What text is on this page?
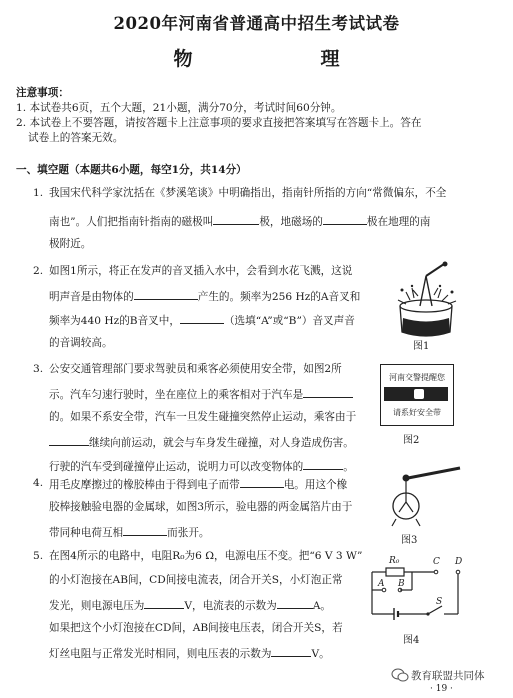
2020年河南省普通高中招生考试试卷
物　　理
注意事项：
1. 本试卷共6页，五个大题，21小题，满分70分，考试时间60分钟。
2. 本试卷上不要答题，请按答题卡上注意事项的要求直接把答案填写在答题卡上。答在
试卷上的答案无效。
一、填空题（本题共6小题，每空1分，共14分）
1. 我国宋代科学家沈括在《梦溪笔谈》中明确指出，指南针所指的方向“常微偏东，不全
南也”。人们把指南针指南的磁极叫	极，地磁场的	极在地理的南
极附近。
2. 如图1所示，将正在发声的音叉插入水中，会看到水花飞溅，这说
明声音是由物体的	产生的。频率为256 Hz的A音叉和
频率为440 Hz的B音叉中，	（选填“A”或“B”）音叉声音
的音调较高。	图1
3. 公安交通管理部门要求驾驶员和乘客必须使用安全带，如图2所
示。汽车匀速行驶时，坐在座位上的乘客相对于汽车是
的。如果不系安全带，汽车一旦发生碰撞突然停止运动，乘客由于
继续向前运动，就会与车身发生碰撞，对人身造成伤害。
行驶的汽车受到碰撞停止运动，说明力可以改变物体的	。
河南交警提醒您
请系好安全带
图2
4. 用毛皮摩擦过的橡胶棒由于得到电子而带	电。用这个橡
胶棒接触验电器的金属球，如图3所示，验电器的两金属箔片由于
带同种电荷互相	而张开。
图3
5. 在图4所示的电路中，电阻R₀为6 Ω，电源电压不变。把“6 V 3 W”
的小灯泡接在AB间，CD间接电流表，闭合开关S，小灯泡正常
发光，则电源电压为	V，电流表的示数为	A。
如果把这个小灯泡接在CD间，AB间接电压表，闭合开关S，若
灯丝电阻与正常发光时相同，则电压表的示数为	V。
R₀	C D
A B
S
图4
教育联盟共同体
· 19 ·
